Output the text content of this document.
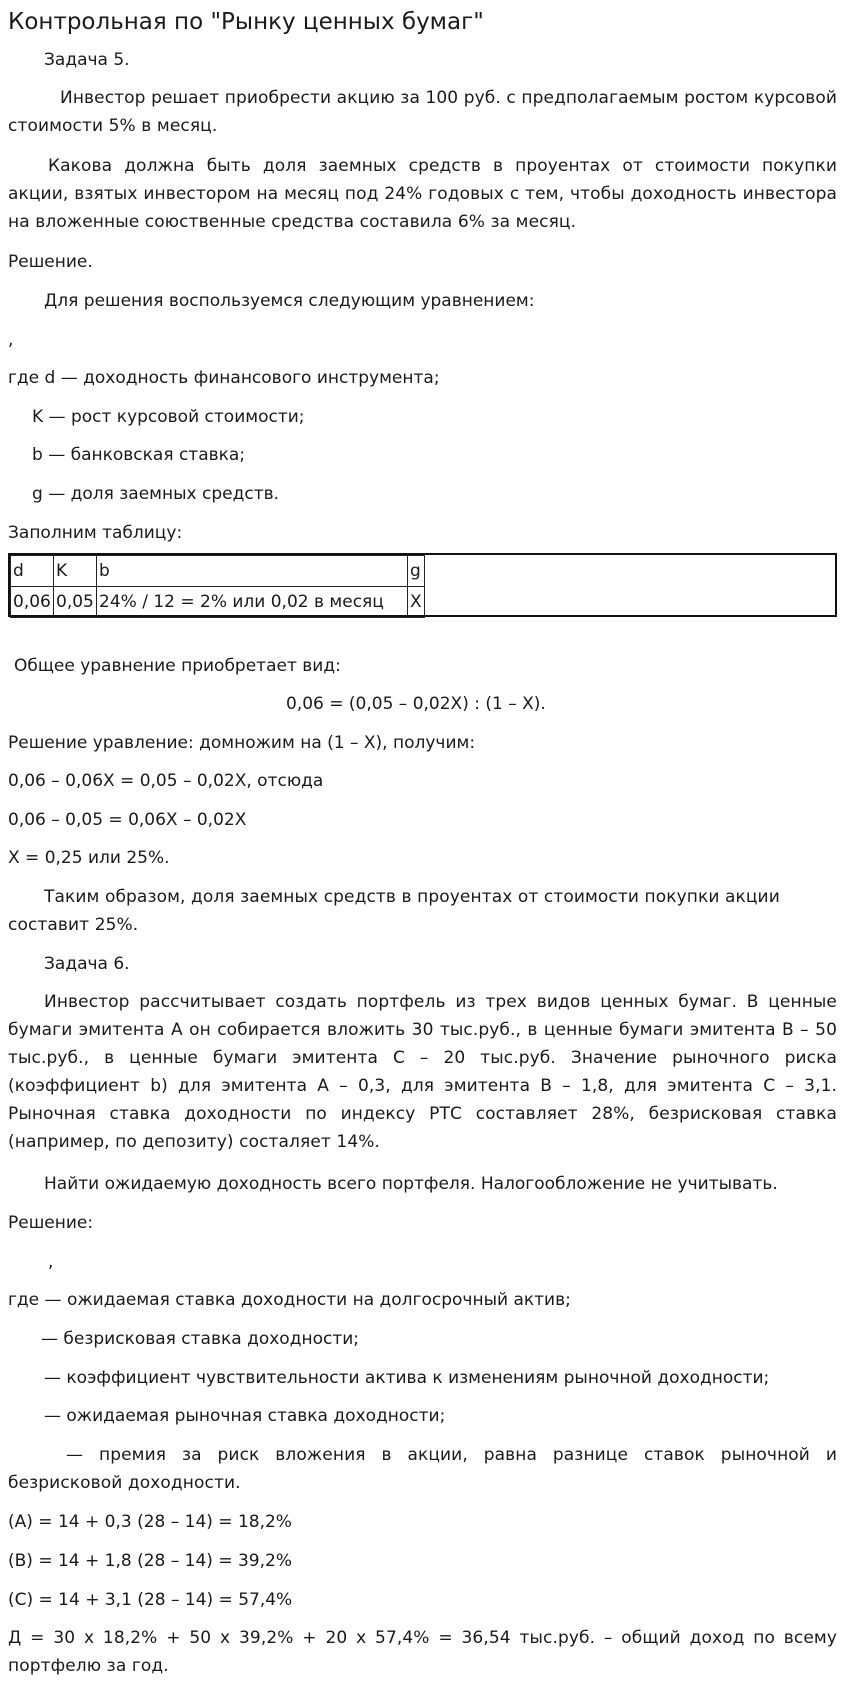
Контрольная по "Рынку ценных бумаг"
Задача 5.
Инвестор решает приобрести акцию за 100 руб. с предполагаемым ростом курсовой стоимости 5% в месяц.
Какова должна быть доля заемных средств в проуентах от стоимости покупки акции, взятых инвестором на месяц под 24% годовых с тем, чтобы доходность инвестора на вложенные союственные средства составила 6% за месяц.
Решение.
Для решения воспользуемся следующим уравнением:
,
где d — доходность финансового инструмента;
K — рост курсовой стоимости;
b — банковская ставка;
g — доля заемных средств.
Заполним таблицу:
d	K	b	g
0,06	0,05	24% / 12 = 2% или 0,02 в месяц	X
Общее уравнение приобретает вид:
0,06 = (0,05 – 0,02X) : (1 – X).
Решение уравление: домножим на (1 – X), получим:
0,06 – 0,06X = 0,05 – 0,02X, отсюда
0,06 – 0,05 = 0,06X – 0,02X
X = 0,25 или 25%.
Таким образом, доля заемных средств в проуентах от стоимости покупки акции составит 25%.
Задача 6.
Инвестор рассчитывает создать портфель из трех видов ценных бумаг. В ценные бумаги эмитента A он собирается вложить 30 тыс.руб., в ценные бумаги эмитента B – 50 тыс.руб., в ценные бумаги эмитента C – 20 тыс.руб. Значение рыночного риска (коэффициент b) для эмитента A – 0,3, для эмитента B – 1,8, для эмитента C – 3,1. Рыночная ставка доходности по индексу РТС составляет 28%, безрисковая ставка (например, по депозиту) состаляет 14%.
Найти ожидаемую доходность всего портфеля. Налогообложение не учитывать.
Решение:
,
где — ожидаемая ставка доходности на долгосрочный актив;
— безрисковая ставка доходности;
— коэффициент чувствительности актива к изменениям рыночной доходности;
— ожидаемая рыночная ставка доходности;
— премия за риск вложения в акции, равна разнице ставок рыночной и безрисковой доходности.
(A) = 14 + 0,3 (28 – 14) = 18,2%
(B) = 14 + 1,8 (28 – 14) = 39,2%
(C) = 14 + 3,1 (28 – 14) = 57,4%
Д = 30 x 18,2% + 50 x 39,2% + 20 x 57,4% = 36,54 тыс.руб. – общий доход по всему портфелю за год.
